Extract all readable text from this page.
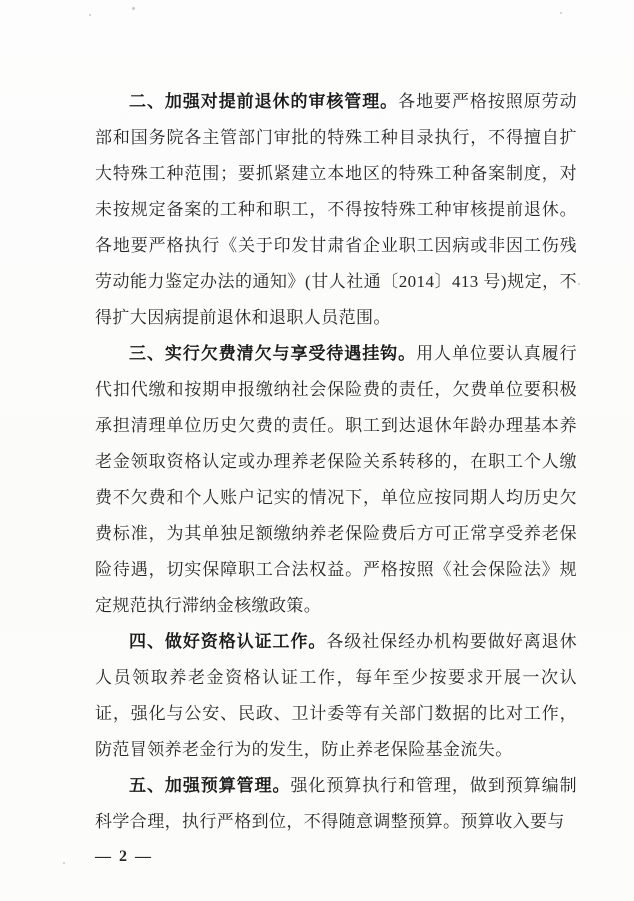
二、加强对提前退休的审核管理。各地要严格按照原劳动部和国务院各主管部门审批的特殊工种目录执行，不得擅自扩大特殊工种范围；要抓紧建立本地区的特殊工种备案制度，对未按规定备案的工种和职工，不得按特殊工种审核提前退休。各地要严格执行《关于印发甘肃省企业职工因病或非因工伤残劳动能力鉴定办法的通知》(甘人社通〔2014〕413 号)规定，不得扩大因病提前退休和退职人员范围。

三、实行欠费清欠与享受待遇挂钩。用人单位要认真履行代扣代缴和按期申报缴纳社会保险费的责任，欠费单位要积极承担清理单位历史欠费的责任。职工到达退休年龄办理基本养老金领取资格认定或办理养老保险关系转移的，在职工个人缴费不欠费和个人账户记实的情况下，单位应按同期人均历史欠费标准，为其单独足额缴纳养老保险费后方可正常享受养老保险待遇，切实保障职工合法权益。严格按照《社会保险法》规定规范执行滞纳金核缴政策。

四、做好资格认证工作。各级社保经办机构要做好离退休人员领取养老金资格认证工作，每年至少按要求开展一次认证，强化与公安、民政、卫计委等有关部门数据的比对工作，防范冒领养老金行为的发生，防止养老保险基金流失。

五、加强预算管理。强化预算执行和管理，做到预算编制科学合理，执行严格到位，不得随意调整预算。预算收入要与

— 2 —
